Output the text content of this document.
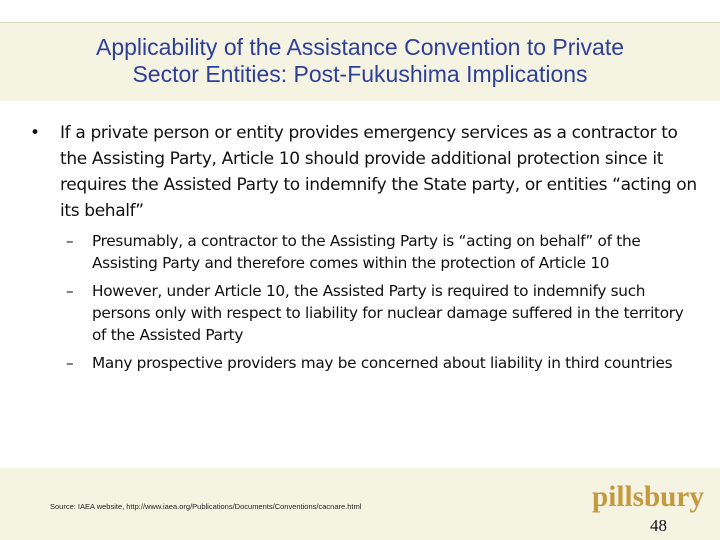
Applicability of the Assistance Convention to Private
Sector Entities: Post-Fukushima Implications
• If a private person or entity provides emergency services as a contractor to the Assisting Party, Article 10 should provide additional protection since it requires the Assisted Party to indemnify the State party, or entities “acting on its behalf”
– Presumably, a contractor to the Assisting Party is “acting on behalf” of the Assisting Party and therefore comes within the protection of Article 10
– However, under Article 10, the Assisted Party is required to indemnify such persons only with respect to liability for nuclear damage suffered in the territory of the Assisted Party
– Many prospective providers may be concerned about liability in third countries
Source: IAEA website, http://www.iaea.org/Publications/Documents/Conventions/cacnare.html	pillsbury
48
